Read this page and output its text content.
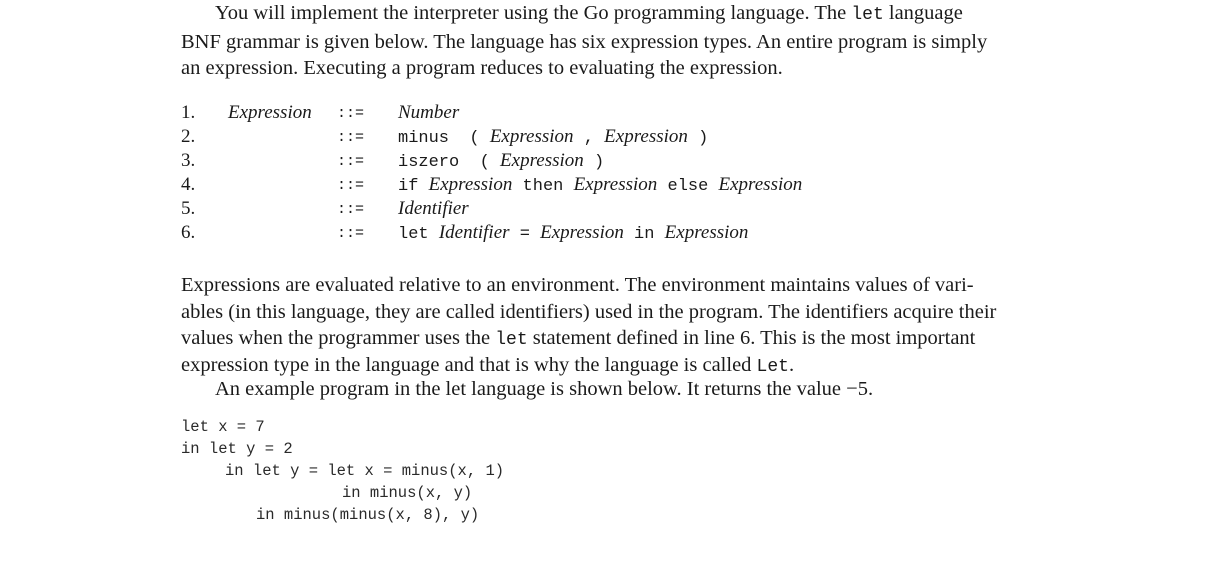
You will implement the interpreter using the Go programming language. The let language
BNF grammar is given below. The language has six expression types. An entire program is simply
an expression. Executing a program reduces to evaluating the expression.
1. Expression ::= Number
2.	::= minus  ( Expression , Expression )
3.	::= iszero  ( Expression )
4.	::= if Expression then Expression else Expression
5.	::= Identifier
6.	::= let Identifier = Expression in Expression
Expressions are evaluated relative to an environment. The environment maintains values of vari-
ables (in this language, they are called identifiers) used in the program. The identifiers acquire their
values when the programmer uses the let statement defined in line 6. This is the most important
expression type in the language and that is why the language is called Let.
An example program in the let language is shown below. It returns the value −5.
let x = 7
in let y = 2
in let y = let x = minus(x, 1)
in minus(x, y)
in minus(minus(x, 8), y)
